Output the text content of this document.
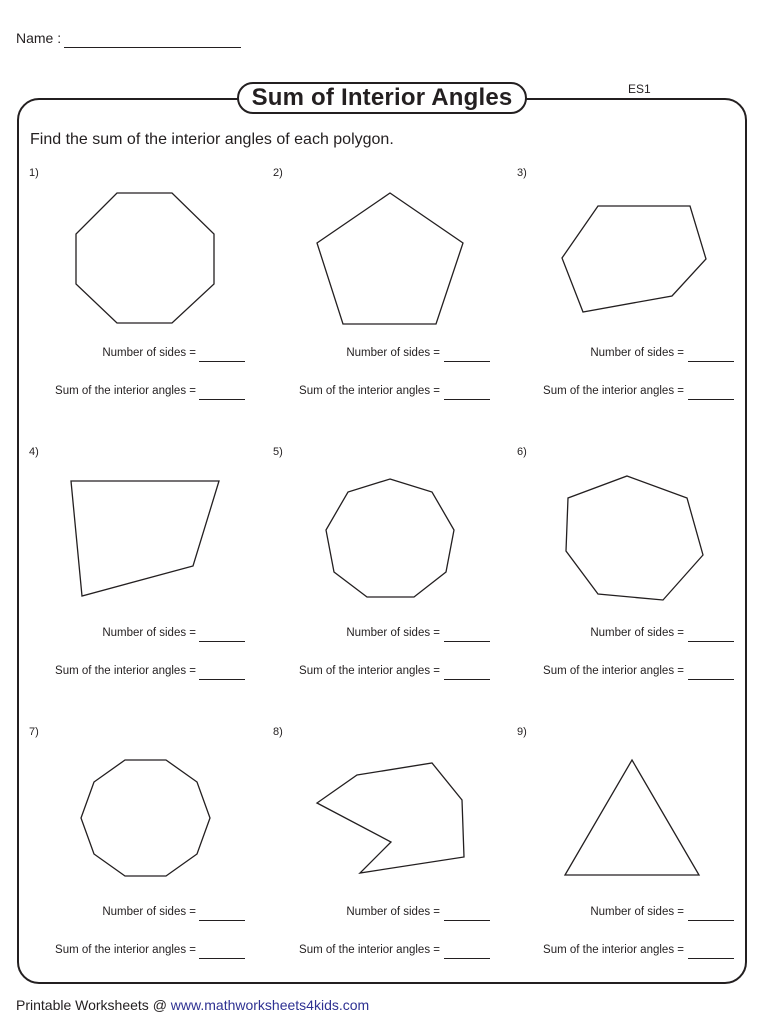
Name :
Sum of Interior Angles	ES1
Find the sum of the interior angles of each polygon.
1)	2)	3)
Number of sides =
Sum of the interior angles =
Number of sides =
Sum of the interior angles =
Number of sides =
Sum of the interior angles =
4)	5)	6)
Number of sides =
Sum of the interior angles =
Number of sides =
Sum of the interior angles =
Number of sides =
Sum of the interior angles =
7)	8)	9)
Number of sides =
Sum of the interior angles =
Number of sides =
Sum of the interior angles =
Number of sides =
Sum of the interior angles =
Printable Worksheets @ www.mathworksheets4kids.com
